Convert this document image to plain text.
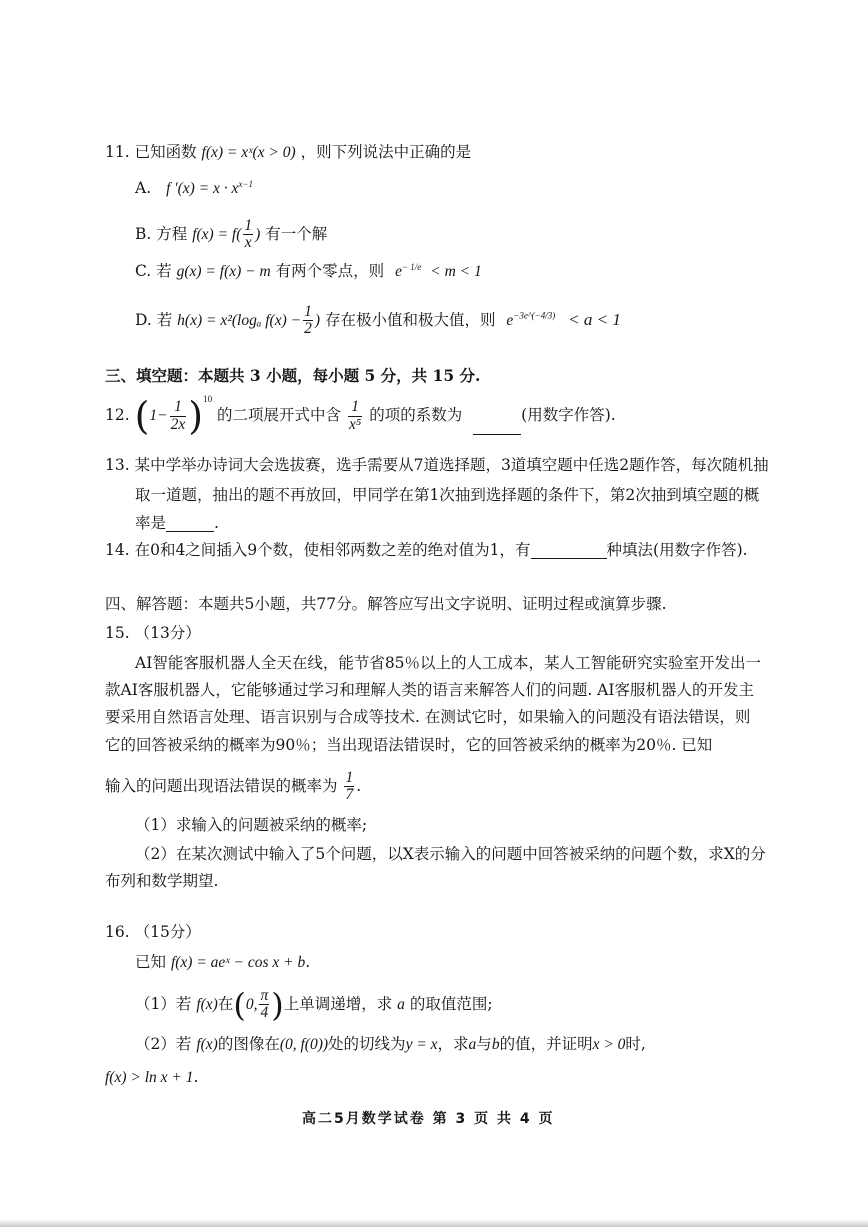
11. 已知函数 f(x) = xˣ(x > 0) ，则下列说法中正确的是
A. f $'(x) = x \cdot x^{x-1}$
B. 方程 $f(x) = f( \frac{1}{x}$ ) 有一个解
C. 若 g(x) = f(x) − m 有两个零点，则 $e^{- 1/e} < m < 1$
D. 若 h(x) = x²(logₐ $f(x) - \frac{1}{2}$ ) 存在极小值和极大值，则 $e^{-3e\^{}(-4/3)} < a < 1$
三、填空题：本题共 3 小题，每小题 5 分，共 15 分.
12. $(1- \frac{1}{2x} )^{10}$ 的二项展开式中含 $\frac{1}{\text{x⁵}}$ 的项的系数为	(用数字作答).
13. 某中学举办诗词大会选拔赛，选手需要从7道选择题，3道填空题中任选2题作答，每次随机抽
取一道题，抽出的题不再放回，甲同学在第1次抽到选择题的条件下，第2次抽到填空题的概
率是	.
14. 在0和4之间插入9个数，使相邻两数之差的绝对值为1，有	种填法(用数字作答).
四、解答题：本题共5小题，共77分。解答应写出文字说明、证明过程或演算步骤.
15. （13分）
AI智能客服机器人全天在线，能节省85％以上的人工成本，某人工智能研究实验室开发出一
款AI客服机器人，它能够通过学习和理解人类的语言来解答人们的问题. AI客服机器人的开发主
要采用自然语言处理、语言识别与合成等技术. 在测试它时，如果输入的问题没有语法错误，则
它的回答被采纳的概率为90％；当出现语法错误时，它的回答被采纳的概率为20％. 已知
输入的问题出现语法错误的概率为 $\frac{1}{7}$ .
（1）求输入的问题被采纳的概率;
（2）在某次测试中输入了5个问题，以X表示输入的问题中回答被采纳的问题个数，求X的分
布列和数学期望.
16. （15分）
已知 f(x) = aeˣ − cos x + b.
（1）若 f(x)在(0, $\frac{\pi}{4}$ )上单调递增，求 a 的取值范围;
（2）若 f(x)的图像在(0, f(0))处的切线为y = x，求a与b的值，并证明x > 0时,
f(x) > ln x + 1.
高二5月数学试卷 第 3 页 共 4 页
